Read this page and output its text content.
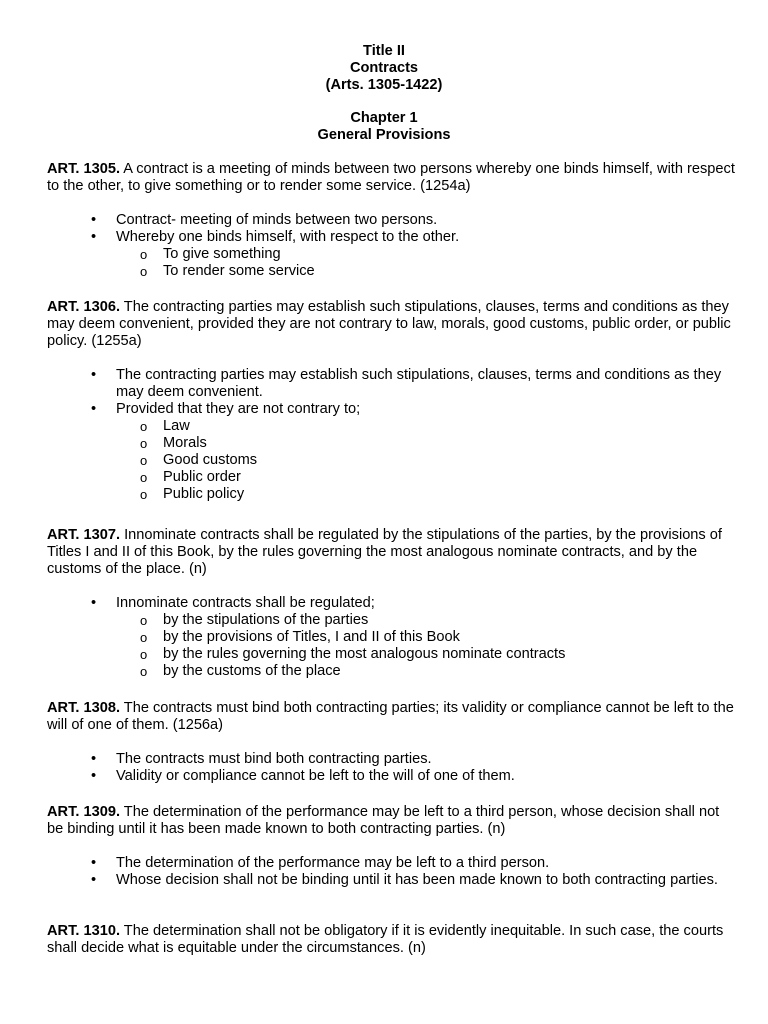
Title II
Contracts
(Arts. 1305-1422)
Chapter 1
General Provisions

ART. 1305. A contract is a meeting of minds between two persons whereby one binds himself, with respect to the other, to give something or to render some service. (1254a)

• Contract- meeting of minds between two persons.
• Whereby one binds himself, with respect to the other.
o To give something
o To render some service

ART. 1306. The contracting parties may establish such stipulations, clauses, terms and conditions as they may deem convenient, provided they are not contrary to law, morals, good customs, public order, or public policy. (1255a)

• The contracting parties may establish such stipulations, clauses, terms and conditions as they may deem convenient.
• Provided that they are not contrary to;
o Law
o Morals
o Good customs
o Public order
o Public policy

ART. 1307. Innominate contracts shall be regulated by the stipulations of the parties, by the provisions of Titles I and II of this Book, by the rules governing the most analogous nominate contracts, and by the customs of the place. (n)

• Innominate contracts shall be regulated;
o by the stipulations of the parties
o by the provisions of Titles, I and II of this Book
o by the rules governing the most analogous nominate contracts
o by the customs of the place

ART. 1308. The contracts must bind both contracting parties; its validity or compliance cannot be left to the will of one of them. (1256a)

• The contracts must bind both contracting parties.
• Validity or compliance cannot be left to the will of one of them.

ART. 1309. The determination of the performance may be left to a third person, whose decision shall not be binding until it has been made known to both contracting parties. (n)

• The determination of the performance may be left to a third person.
• Whose decision shall not be binding until it has been made known to both contracting parties.

ART. 1310. The determination shall not be obligatory if it is evidently inequitable. In such case, the courts shall decide what is equitable under the circumstances. (n)
